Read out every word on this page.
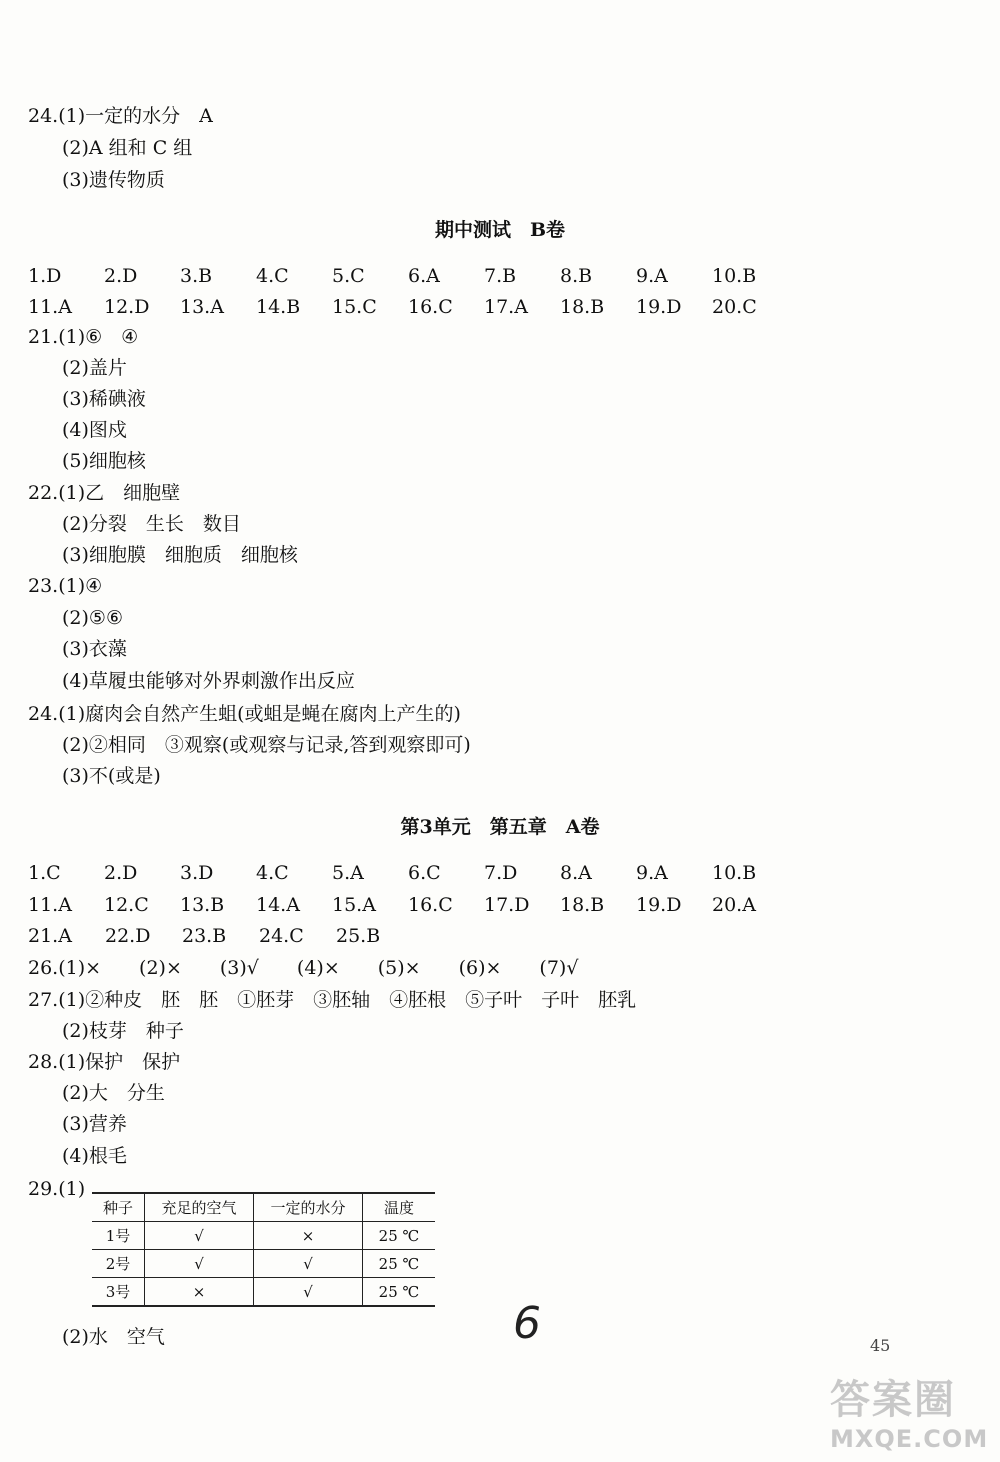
24.(1)一定的水分　A
(2)A 组和 C 组
(3)遗传物质
期中测试　B卷
1.D	2.D	3.B	4.C	5.C	6.A	7.B	8.B	9.A	10.B
11.A	12.D	13.A	14.B	15.C	16.C	17.A	18.B	19.D	20.C
21.(1)⑥　④
(2)盖片
(3)稀碘液
(4)图戍
(5)细胞核
22.(1)乙　细胞壁
(2)分裂　生长　数目
(3)细胞膜　细胞质　细胞核
23.(1)④
(2)⑤⑥
(3)衣藻
(4)草履虫能够对外界刺激作出反应
24.(1)腐肉会自然产生蛆(或蛆是蝇在腐肉上产生的)
(2)②相同　③观察(或观察与记录,答到观察即可)
(3)不(或是)
第3单元　第五章　A卷
1.C	2.D	3.D	4.C	5.A	6.C	7.D	8.A	9.A	10.B
11.A	12.C	13.B	14.A	15.A	16.C	17.D	18.B	19.D	20.A
21.A	22.D	23.B	24.C	25.B
26.(1)×　　(2)×　　(3)√　　(4)×　　(5)×　　(6)×　　(7)√
27.(1)②种皮　胚　胚　①胚芽　③胚轴　④胚根　⑤子叶　子叶　胚乳
(2)枝芽　种子
28.(1)保护　保护
(2)大　分生
(3)营养
(4)根毛
29.(1)
种子	充足的空气	一定的水分	温度
1号	√	×	25 ℃
2号	√	√	25 ℃
3号	×	√	25 ℃
(2)水　空气	6	45
答案圈
MXQE.COM
